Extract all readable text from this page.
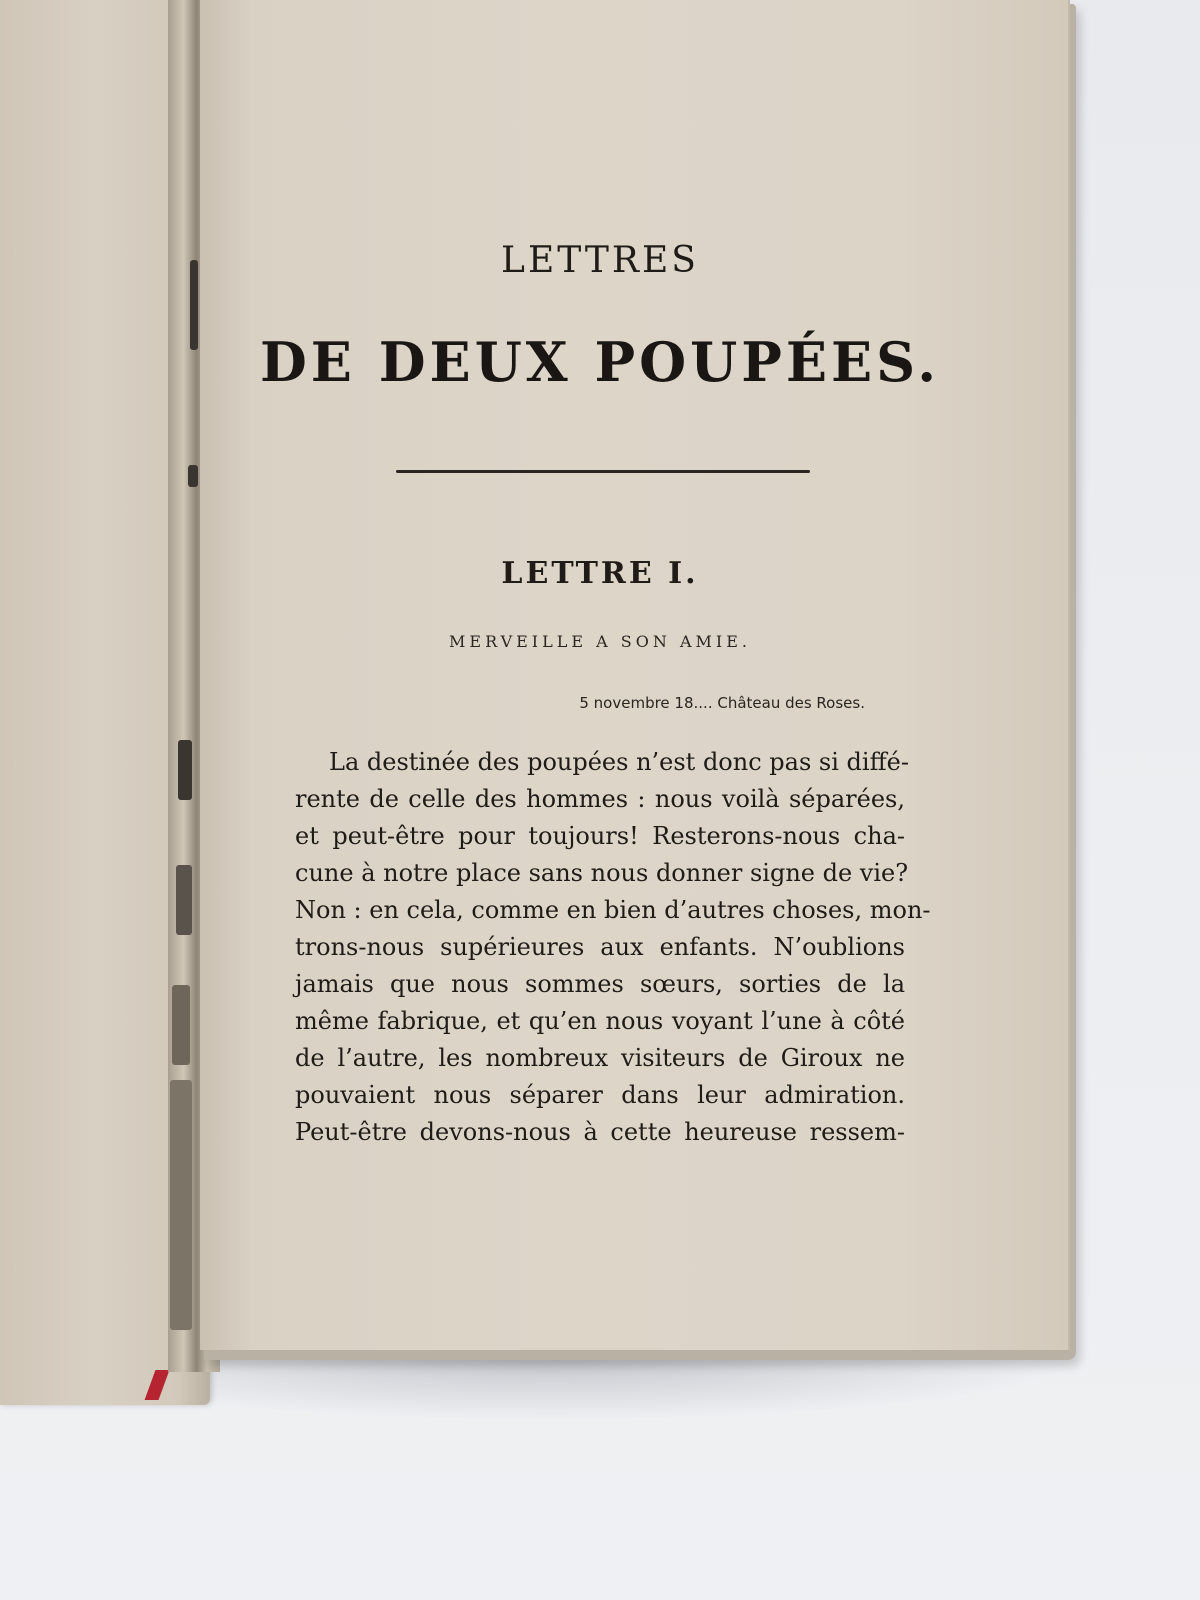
LETTRES
DE DEUX POUPÉES.
LETTRE I.
MERVEILLE A SON AMIE.
5 novembre 18.... Château des Roses.
La destinée des poupées n’est donc pas si diffé-
rente de celle des hommes : nous voilà séparées,
et peut-être pour toujours! Resterons-nous cha-
cune à notre place sans nous donner signe de vie?
Non : en cela, comme en bien d’autres choses, mon-
trons-nous supérieures aux enfants. N’oublions
jamais que nous sommes sœurs, sorties de la
même fabrique, et qu’en nous voyant l’une à côté
de l’autre, les nombreux visiteurs de Giroux ne
pouvaient nous séparer dans leur admiration.
Peut-être devons-nous à cette heureuse ressem-
